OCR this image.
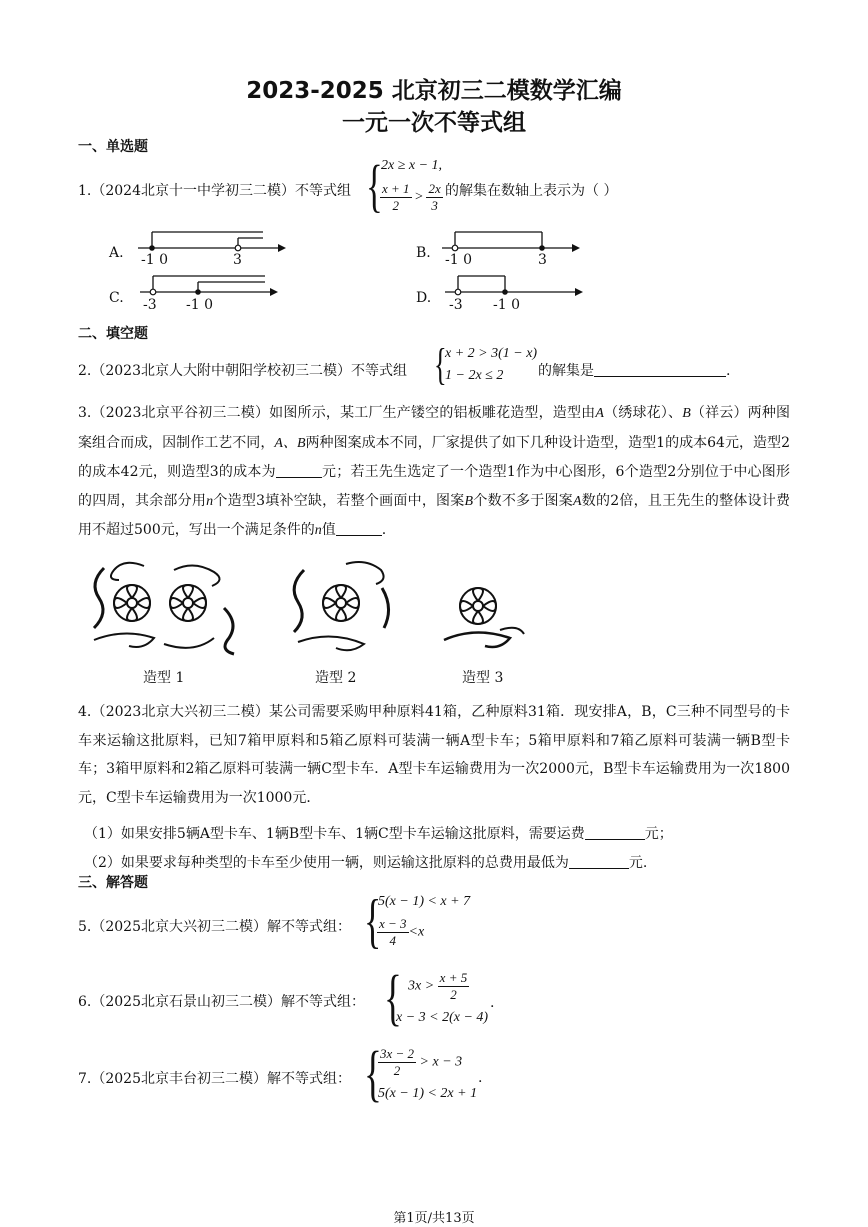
2023-2025 北京初三二模数学汇编
一元一次不等式组
一、单选题
1.（2024北京十一中学初三二模）不等式组 {
2x ≥ x − 1,
$\frac{x + 1}{2} > \frac{2x}{3}$ 的解集在数轴上表示为（ ）
A. -1 0	3	B. -1 0	3
C. -3 -1 0	D. -3 -1 0
二、填空题
2.（2023北京人大附中朝阳学校初三二模）不等式组 {
x + 2 > 3(1 − x)
1 − 2x ≤ 2 的解集是	.
3.（2023北京平谷初三二模）如图所示，某工厂生产镂空的铝板雕花造型，造型由A（绣球花）、B（祥云）两种图案组合而成，因制作工艺不同，A、B两种图案成本不同，厂家提供了如下几种设计造型，造型1的成本64元，造型2的成本42元，则造型3的成本为	元；若王先生选定了一个造型1作为中心图形，6个造型2分别位于中心图形的四周，其余部分用n个造型3填补空缺，若整个画面中，图案B个数不多于图案A数的2倍，且王先生的整体设计费用不超过500元，写出一个满足条件的n值	.
造型 1	造型 2	造型 3
4.（2023北京大兴初三二模）某公司需要采购甲种原料41箱，乙种原料31箱．现安排A，B，C三种不同型号的卡车来运输这批原料，已知7箱甲原料和5箱乙原料可装满一辆A型卡车；5箱甲原料和7箱乙原料可装满一辆B型卡车；3箱甲原料和2箱乙原料可装满一辆C型卡车．A型卡车运输费用为一次2000元，B型卡车运输费用为一次1800元，C型卡车运输费用为一次1000元．
（1）如果安排5辆A型卡车、1辆B型卡车、1辆C型卡车运输这批原料，需要运费	元；
（2）如果要求每种类型的卡车至少使用一辆，则运输这批原料的总费用最低为	元.
三、解答题
5.（2025北京大兴初三二模）解不等式组： {
5(x − 1) < x + 7
$\frac{x - 3}{4} <x$
6.（2025北京石景山初三二模）解不等式组： { $3x > \frac{x + 5}{2}$
x − 3 < 2(x − 4)
.
7.（2025北京丰台初三二模）解不等式组： {
$\frac{3x - 2}{2} > x - 3$
5(x − 1) < 2x + 1
.
第1页/共13页
